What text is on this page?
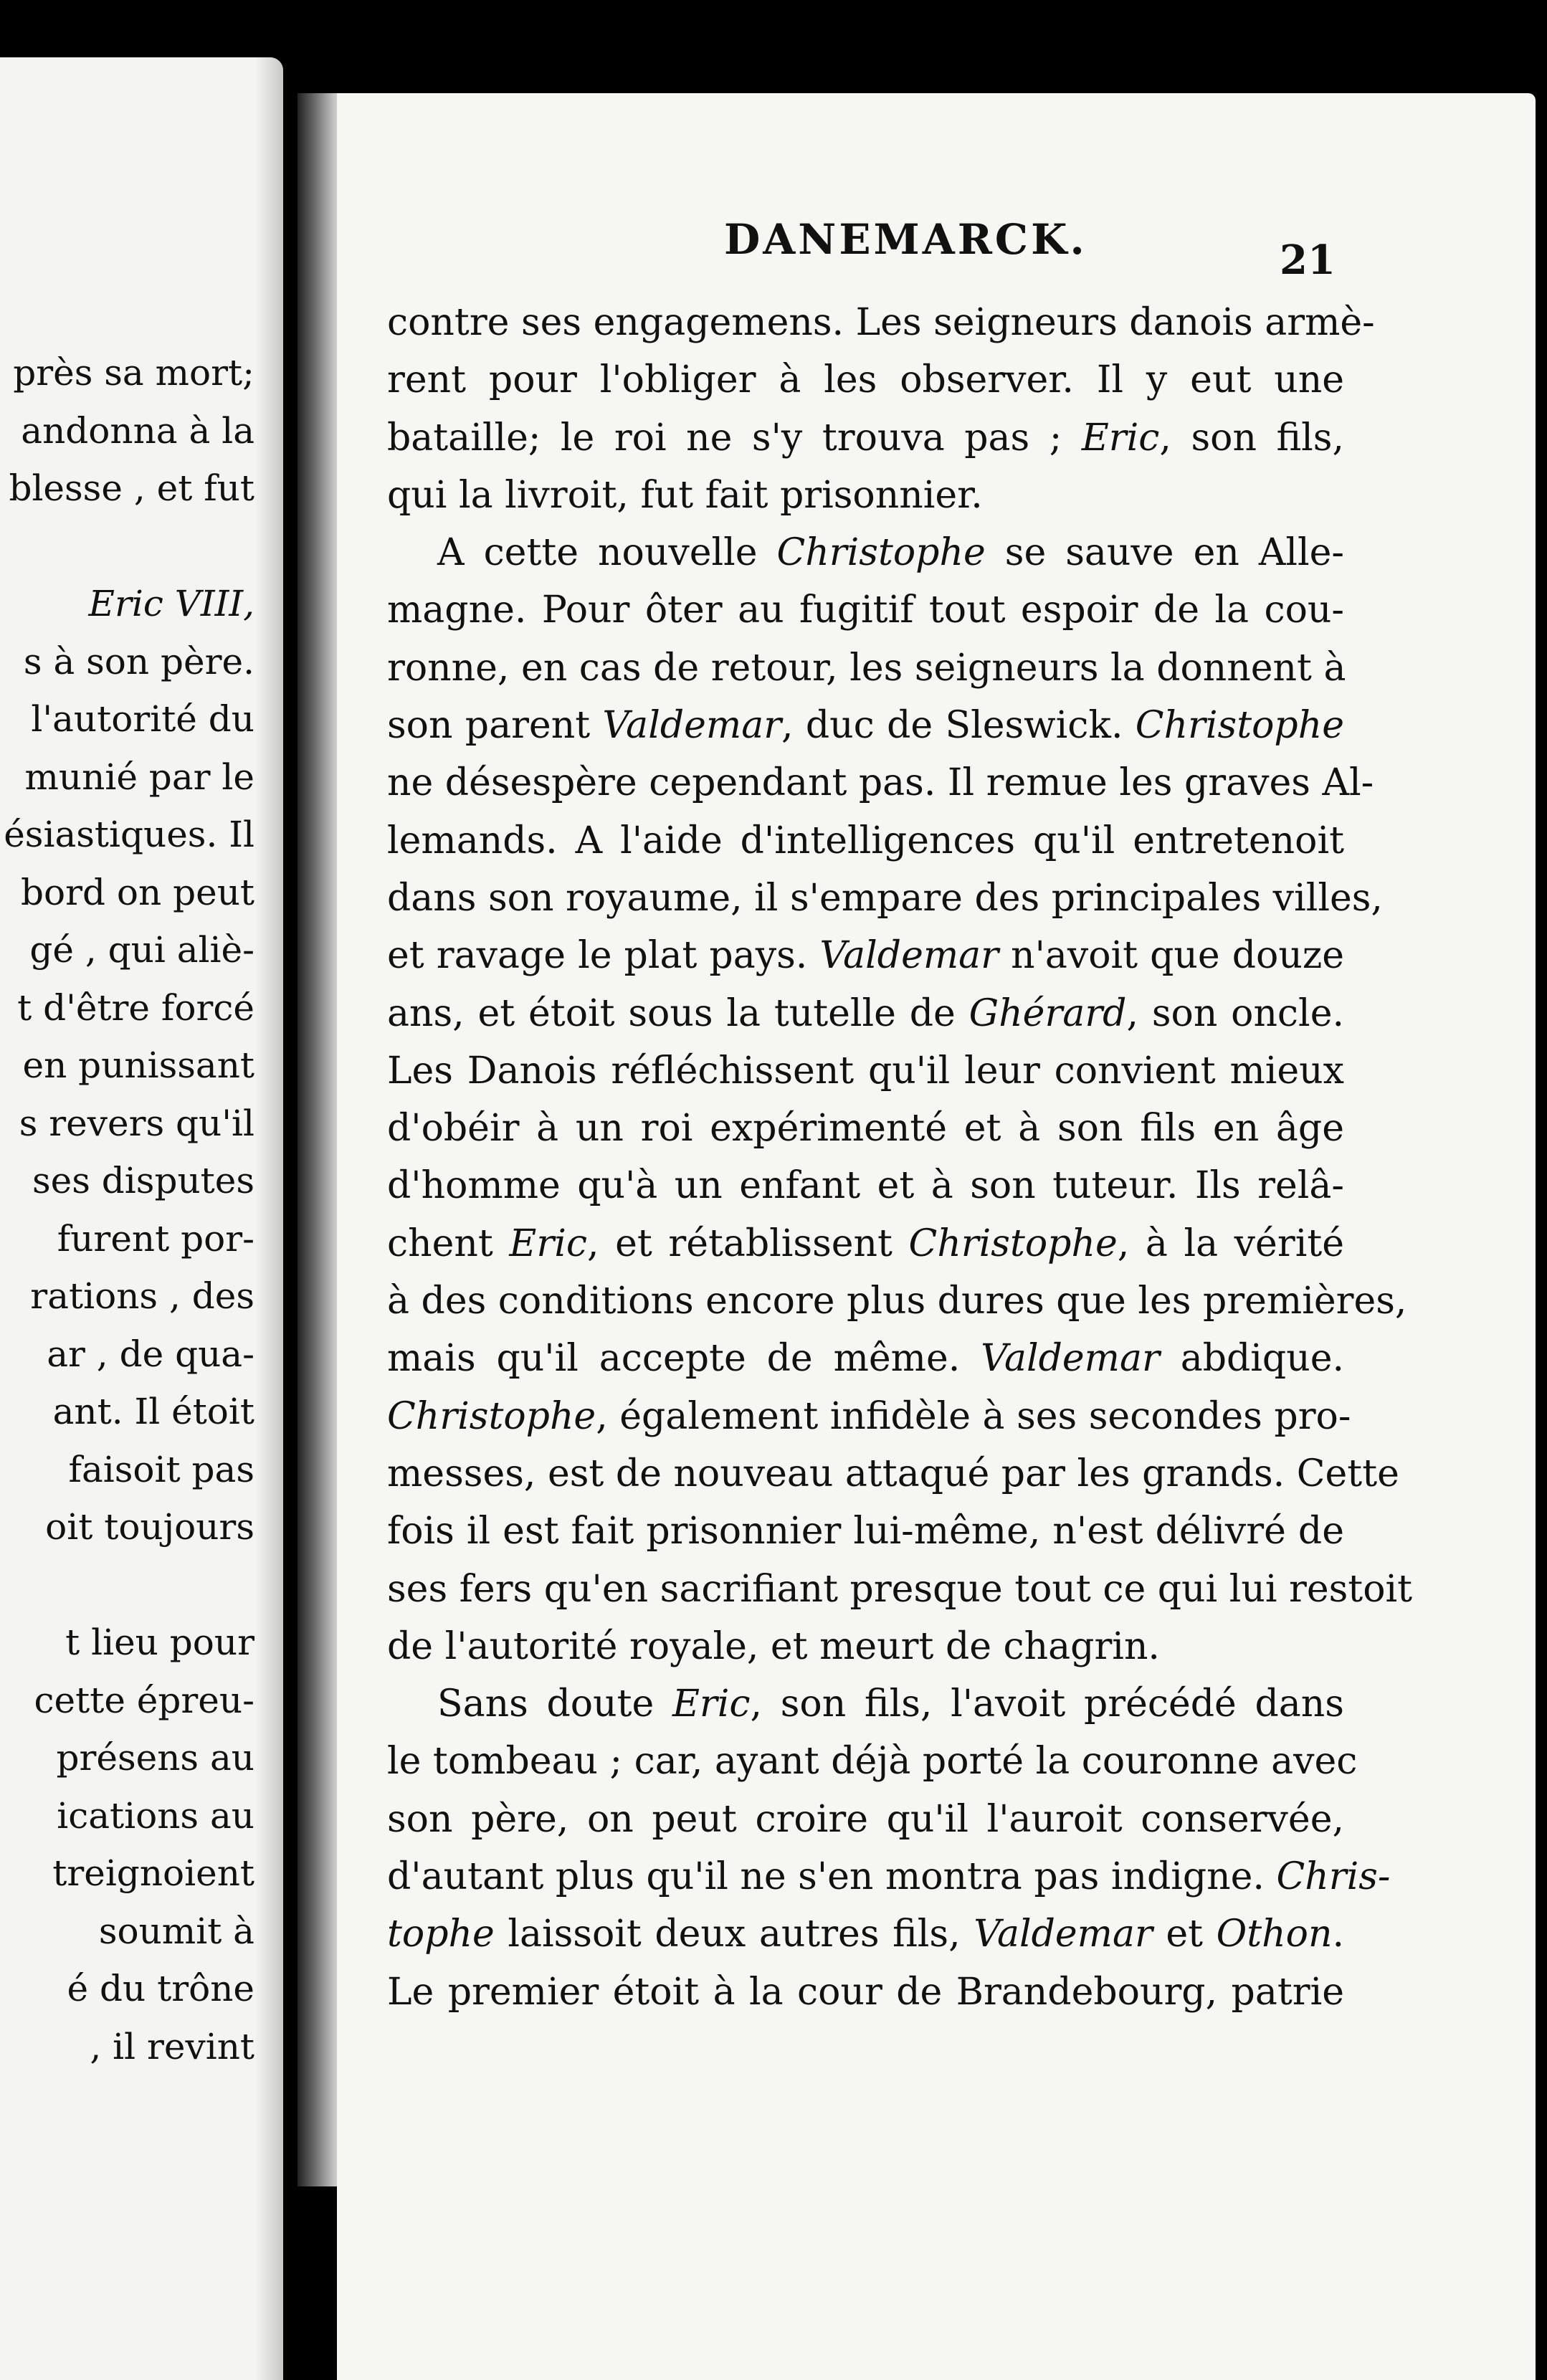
près sa mort;
andonna à la
blesse , et fut
Eric VIII,
s à son père.
l'autorité du
munié par le
ésiastiques. Il
bord on peut
gé , qui aliè-
t d'être forcé
en punissant
s revers qu'il
ses disputes
furent por-
rations , des
ar , de qua-
ant. Il étoit
faisoit pas
oit toujours
t lieu pour
cette épreu-
présens au
ications au
treignoient
soumit à
é du trône
, il revint
DANEMARCK.	21
contre ses engagemens. Les seigneurs danois armè-
rent pour l'obliger à les observer. Il y eut une
bataille; le roi ne s'y trouva pas ; Eric, son fils,
qui la livroit, fut fait prisonnier.
A cette nouvelle Christophe se sauve en Alle-
magne. Pour ôter au fugitif tout espoir de la cou-
ronne, en cas de retour, les seigneurs la donnent à
son parent Valdemar, duc de Sleswick. Christophe
ne désespère cependant pas. Il remue les graves Al-
lemands. A l'aide d'intelligences qu'il entretenoit
dans son royaume, il s'empare des principales villes,
et ravage le plat pays. Valdemar n'avoit que douze
ans, et étoit sous la tutelle de Ghérard, son oncle.
Les Danois réfléchissent qu'il leur convient mieux
d'obéir à un roi expérimenté et à son fils en âge
d'homme qu'à un enfant et à son tuteur. Ils relâ-
chent Eric, et rétablissent Christophe, à la vérité
à des conditions encore plus dures que les premières,
mais qu'il accepte de même. Valdemar abdique.
Christophe, également infidèle à ses secondes pro-
messes, est de nouveau attaqué par les grands. Cette
fois il est fait prisonnier lui-même, n'est délivré de
ses fers qu'en sacrifiant presque tout ce qui lui restoit
de l'autorité royale, et meurt de chagrin.
Sans doute Eric, son fils, l'avoit précédé dans
le tombeau ; car, ayant déjà porté la couronne avec
son père, on peut croire qu'il l'auroit conservée,
d'autant plus qu'il ne s'en montra pas indigne. Chris-
tophe laissoit deux autres fils, Valdemar et Othon.
Le premier étoit à la cour de Brandebourg, patrie
